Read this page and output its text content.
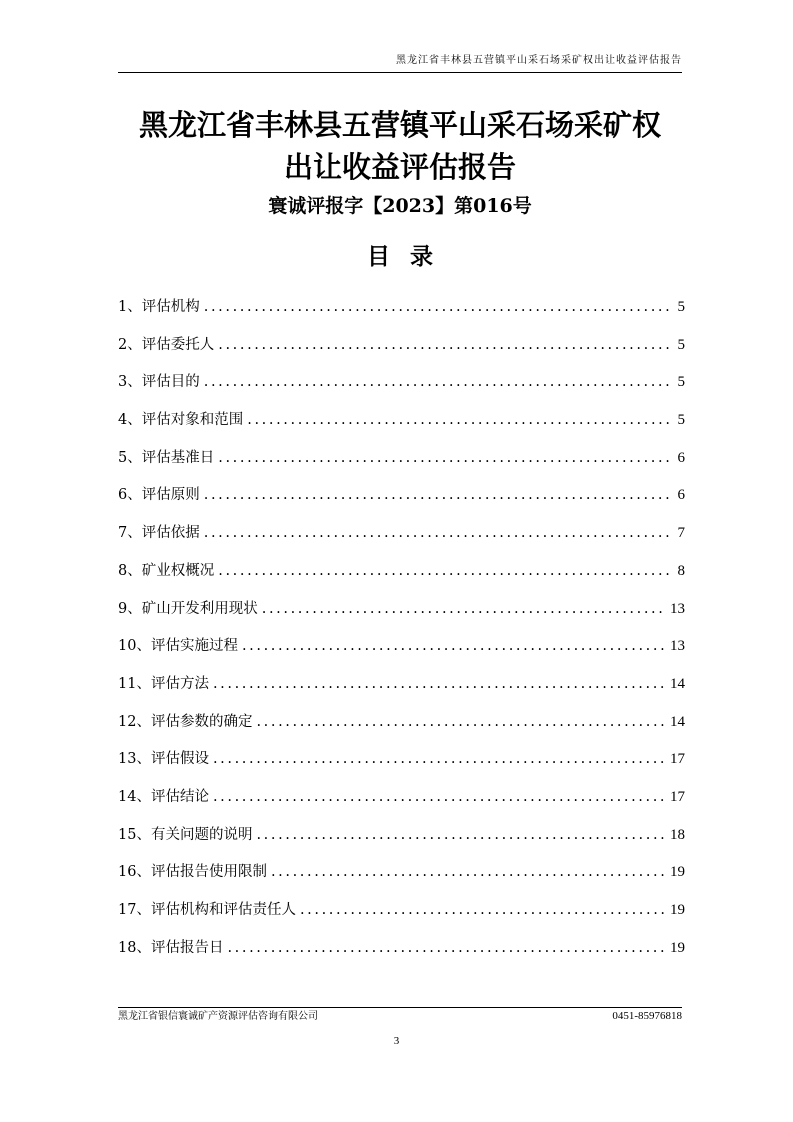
黑龙江省丰林县五营镇平山采石场采矿权出让收益评估报告
黑龙江省丰林县五营镇平山采石场采矿权
出让收益评估报告
寰诚评报字【2023】第016号
目录
1、评估机构 .....	5
2、评估委托人 .....	5
3、评估目的 .....	5
4、评估对象和范围 .....	5
5、评估基准日 .....	6
6、评估原则 .....	6
7、评估依据 .....	7
8、矿业权概况 .....	8
9、矿山开发利用现状 .....	13
10、评估实施过程 .....	13
11、评估方法 .....	14
12、评估参数的确定 .....	14
13、评估假设 .....	17
14、评估结论 .....	17
15、有关问题的说明 .....	18
16、评估报告使用限制 .....	19
17、评估机构和评估责任人 .....	19
18、评估报告日 .....	19
黑龙江省银信寰诚矿产资源评估咨询有限公司	0451-85976818
3
